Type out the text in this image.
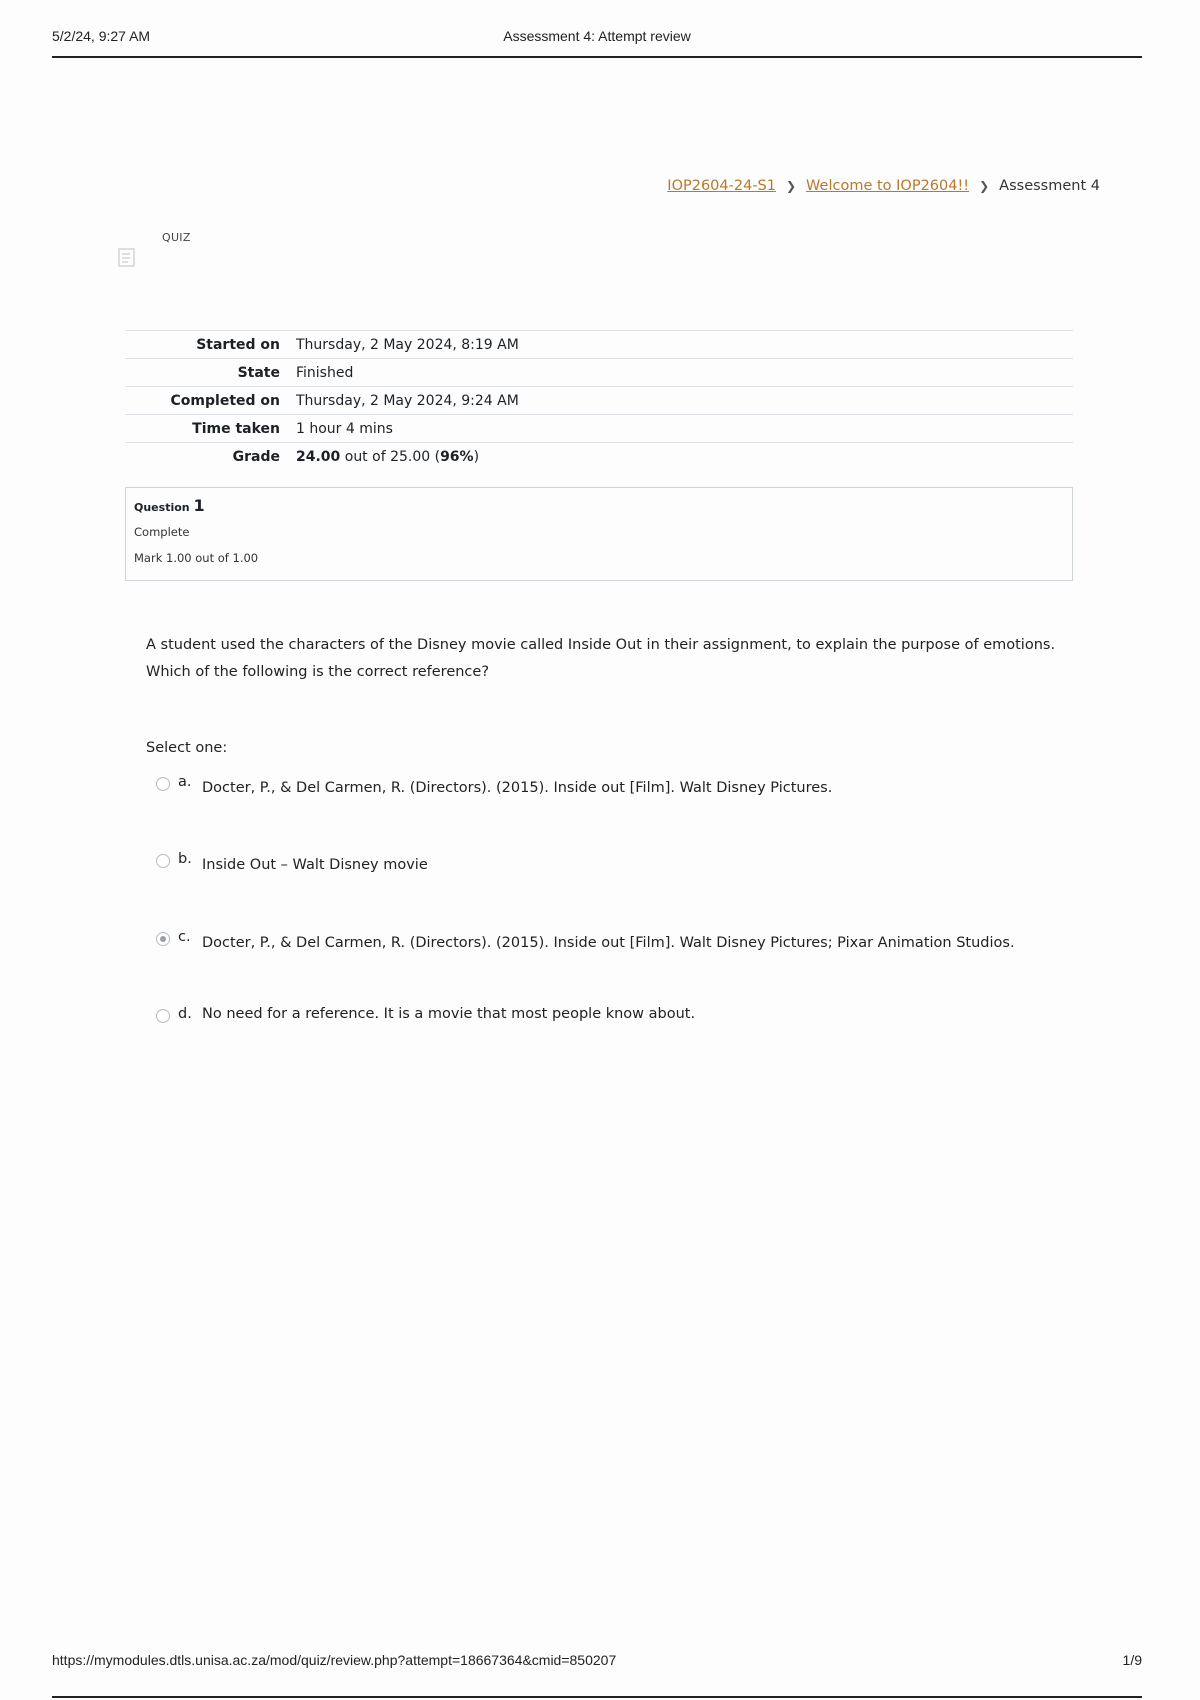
5/2/24, 9:27 AM	Assessment 4: Attempt review
IOP2604-24-S1 ❯ Welcome to IOP2604!! ❯ Assessment 4
QUIZ
Started on	Thursday, 2 May 2024, 8:19 AM
State	Finished
Completed on	Thursday, 2 May 2024, 9:24 AM
Time taken	1 hour 4 mins
Grade	24.00 out of 25.00 (96%)
Question 1
Complete
Mark 1.00 out of 1.00
A student used the characters of the Disney movie called Inside Out in their assignment, to explain the purpose of emotions.
Which of the following is the correct reference?
Select one:
a. Docter, P., & Del Carmen, R. (Directors). (2015). Inside out [Film]. Walt Disney Pictures.
b. Inside Out – Walt Disney movie
c. Docter, P., & Del Carmen, R. (Directors). (2015). Inside out [Film]. Walt Disney Pictures; Pixar Animation Studios.
d. No need for a reference. It is a movie that most people know about.
https://mymodules.dtls.unisa.ac.za/mod/quiz/review.php?attempt=18667364&cmid=850207	1/9
